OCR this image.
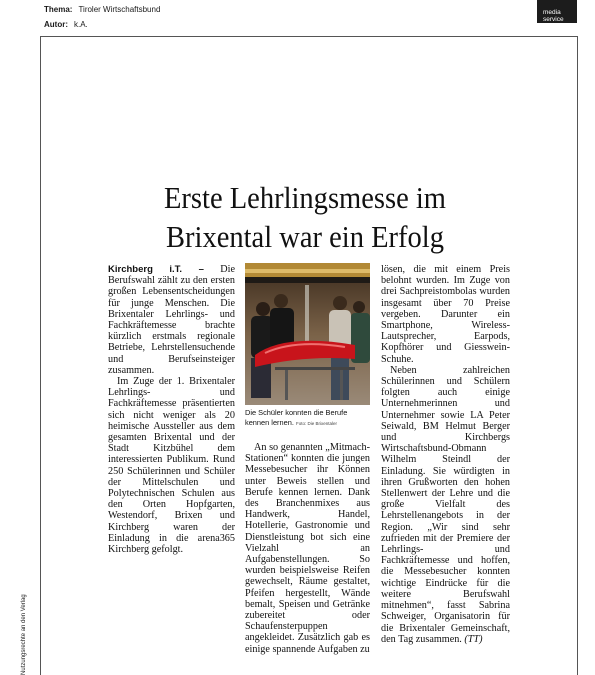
Thema: Tiroler Wirtschaftsbund
Autor: k.A.
media
service
Nutzungsrechte an den Verlag
Erste Lehrlingsmesse im
Brixental war ein Erfolg

Kirchberg i.T. – Die Berufswahl zählt zu den ersten großen Lebensentscheidungen für junge Menschen. Die Brixentaler Lehrlings- und Fachkräftemesse brachte kürzlich erstmals regionale Betriebe, Lehrstellensuchende und Berufseinsteiger zusammen.

Im Zuge der 1. Brixentaler Lehrlings- und Fachkräftemesse präsentierten sich nicht weniger als 20 heimische Aussteller aus dem gesamten Brixental und der Stadt Kitzbühel dem interessierten Publikum. Rund 250 Schülerinnen und Schüler der Mittelschulen und Polytechnischen Schulen aus den Orten Hopfgarten, Westendorf, Brixen und Kirchberg waren der Einladung in die arena365 Kirchberg gefolgt.

Die Schüler konnten die Berufe kennen lernen. Foto: Die Brixentaler

An so genannten „Mitmach-Stationen“ konnten die jungen Messebesucher ihr Können unter Beweis stellen und Berufe kennen lernen. Dank des Branchenmixes aus Handwerk, Handel, Hotellerie, Gastronomie und Dienstleistung bot sich eine Vielzahl an Aufgabenstellungen. So wurden beispielsweise Reifen gewechselt, Räume gestaltet, Pfeifen hergestellt, Wände bemalt, Speisen und Getränke zubereitet oder Schaufensterpuppen angekleidet. Zusätzlich gab es einige spannende Aufgaben zu

lösen, die mit einem Preis belohnt wurden. Im Zuge von drei Sachpreistombolas wurden insgesamt über 70 Preise vergeben. Darunter ein Smartphone, Wireless-Lautsprecher, Earpods, Kopfhörer und Giesswein-Schuhe.

Neben zahlreichen Schülerinnen und Schülern folgten auch einige Unternehmerinnen und Unternehmer sowie LA Peter Seiwald, BM Helmut Berger und Kirchbergs Wirtschaftsbund-Obmann Wilhelm Steindl der Einladung. Sie würdigten in ihren Grußworten den hohen Stellenwert der Lehre und die große Vielfalt des Lehrstellenangebots in der Region. „Wir sind sehr zufrieden mit der Premiere der Lehrlings- und Fachkräftemesse und hoffen, die Messebesucher konnten wichtige Eindrücke für die weitere Berufswahl mitnehmen“, fasst Sabrina Schweiger, Organisatorin für die Brixentaler Gemeinschaft, den Tag zusammen. (TT)
